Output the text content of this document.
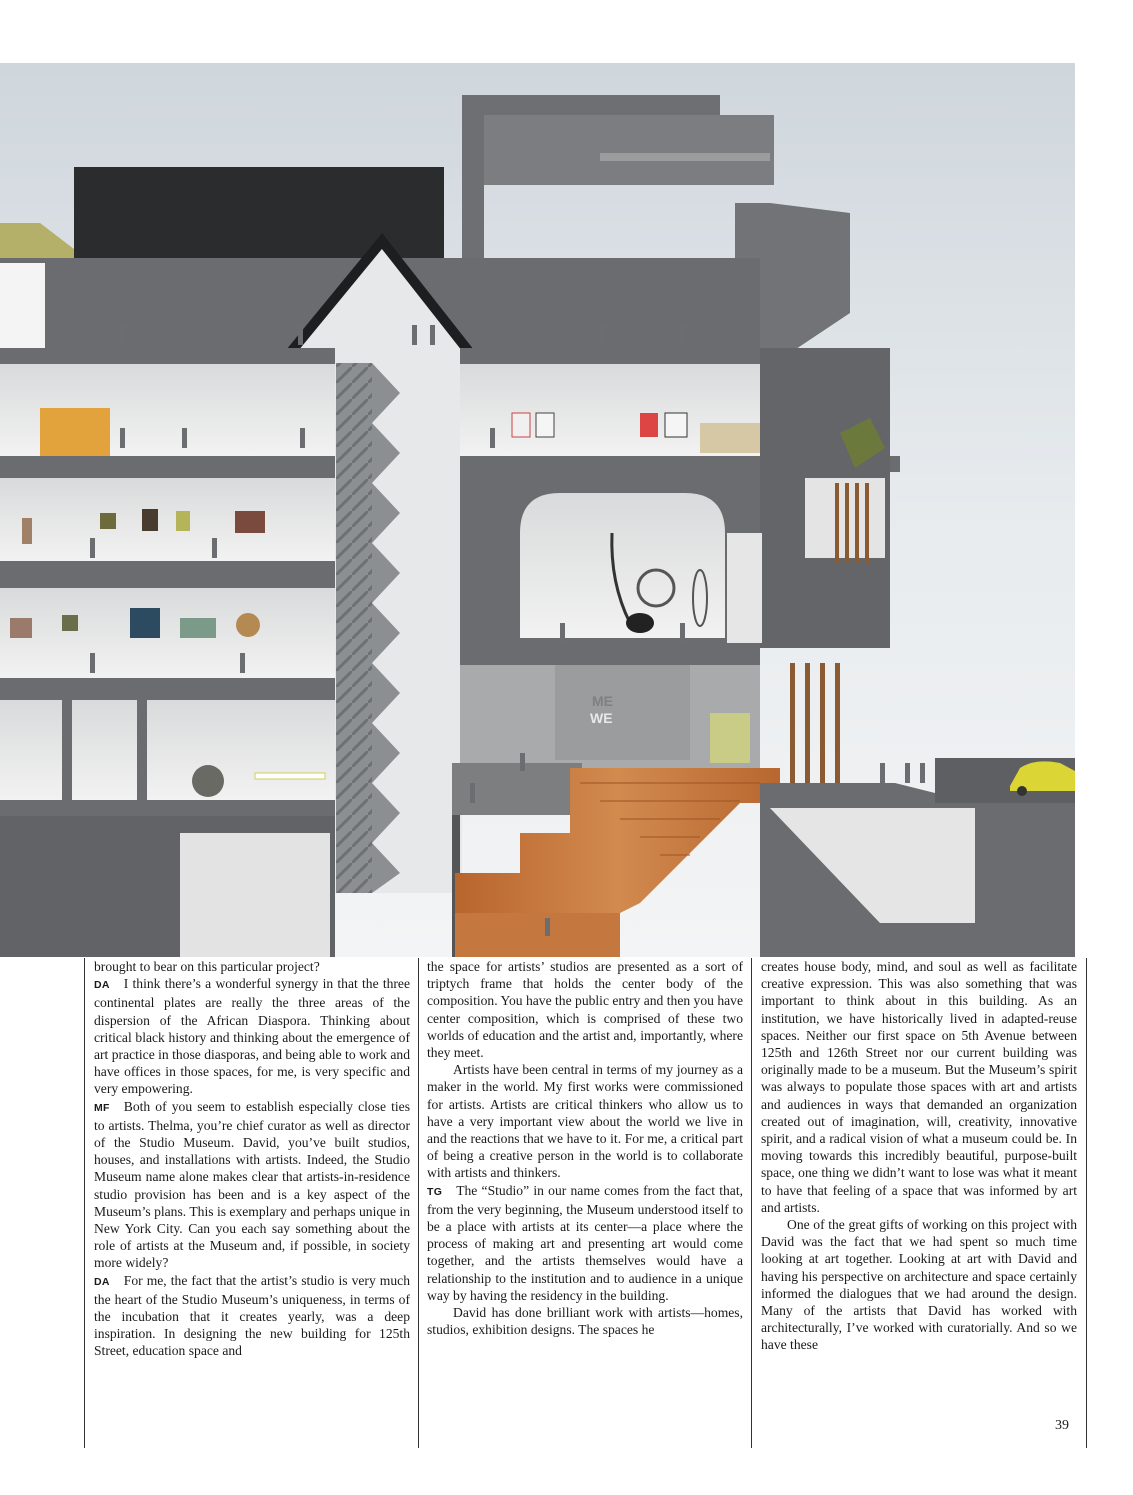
ME
WE

brought to bear on this particular project?

DA I think there’s a wonderful synergy in that the three continental plates are really the three areas of the dispersion of the African Diaspora. Thinking about critical black history and thinking about the emergence of art practice in those diasporas, and being able to work and have offices in those spaces, for me, is very specific and very empowering.

MF Both of you seem to establish especially close ties to artists. Thelma, you’re chief curator as well as director of the Studio Museum. David, you’ve built studios, houses, and installations with artists. Indeed, the Studio Museum name alone makes clear that artists-in-residence studio provision has been and is a key aspect of the Museum’s plans. This is exemplary and perhaps unique in New York City. Can you each say something about the role of artists at the Museum and, if possible, in society more widely?

DA For me, the fact that the artist’s studio is very much the heart of the Studio Museum’s uniqueness, in terms of the incubation that it creates yearly, was a deep inspiration. In designing the new building for 125th Street, education space and

the space for artists’ studios are presented as a sort of triptych frame that holds the center body of the composition. You have the public entry and then you have center composition, which is comprised of these two worlds of education and the artist and, importantly, where they meet.

Artists have been central in terms of my journey as a maker in the world. My first works were commissioned for artists. Artists are critical thinkers who allow us to have a very important view about the world we live in and the reactions that we have to it. For me, a critical part of being a creative person in the world is to collaborate with artists and thinkers.

TG The “Studio” in our name comes from the fact that, from the very beginning, the Museum understood itself to be a place with artists at its center—a place where the process of making art and presenting art would come together, and the artists themselves would have a relationship to the institution and to audience in a unique way by having the residency in the building.

David has done brilliant work with artists—homes, studios, exhibition designs. The spaces he

creates house body, mind, and soul as well as facilitate creative expression. This was also something that was important to think about in this building. As an institution, we have historically lived in adapted-reuse spaces. Neither our first space on 5th Avenue between 125th and 126th Street nor our current building was originally made to be a museum. But the Museum’s spirit was always to populate those spaces with art and artists and audiences in ways that demanded an organization created out of imagination, will, creativity, innovative spirit, and a radical vision of what a museum could be. In moving towards this incredibly beautiful, purpose-built space, one thing we didn’t want to lose was what it meant to have that feeling of a space that was informed by art and artists.

One of the great gifts of working on this project with David was the fact that we had spent so much time looking at art together. Looking at art with David and having his perspective on architecture and space certainly informed the dialogues that we had around the design. Many of the artists that David has worked with architecturally, I’ve worked with curatorially. And so we have these

39
